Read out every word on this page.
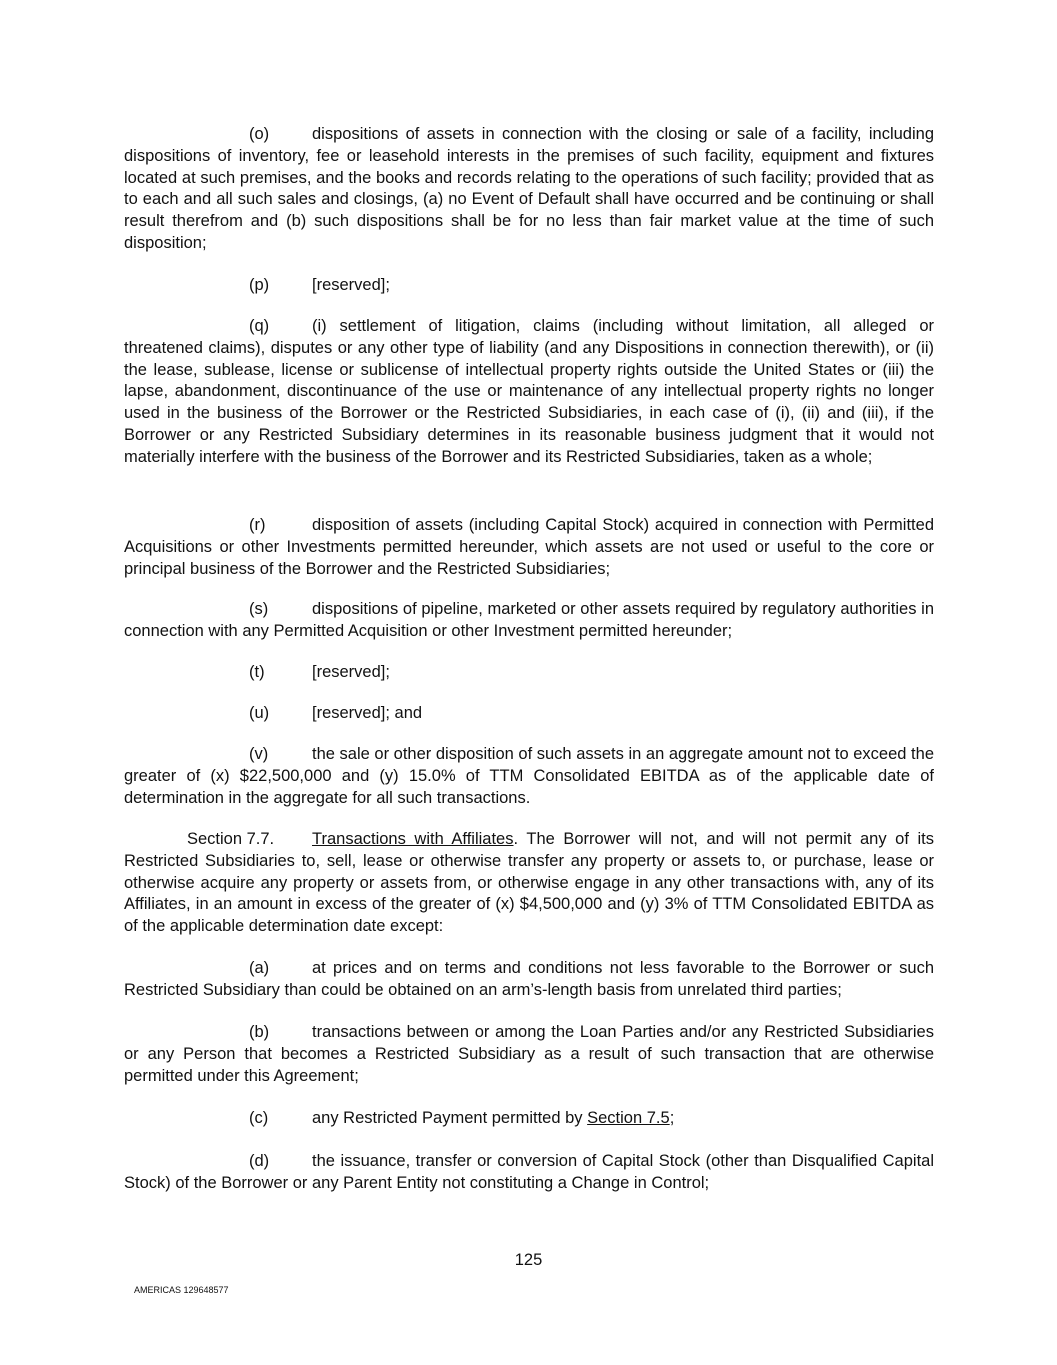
(o)	dispositions of assets in connection with the closing or sale of a facility, including dispositions of inventory, fee or leasehold interests in the premises of such facility, equipment and fixtures located at such premises, and the books and records relating to the operations of such facility; provided that as to each and all such sales and closings, (a) no Event of Default shall have occurred and be continuing or shall result therefrom and (b) such dispositions shall be for no less than fair market value at the time of such disposition;

(p)	[reserved];

(q)	(i) settlement of litigation, claims (including without limitation, all alleged or threatened claims), disputes or any other type of liability (and any Dispositions in connection therewith), or (ii) the lease, sublease, license or sublicense of intellectual property rights outside the United States or (iii) the lapse, abandonment, discontinuance of the use or maintenance of any intellectual property rights no longer used in the business of the Borrower or the Restricted Subsidiaries, in each case of (i), (ii) and (iii), if the Borrower or any Restricted Subsidiary determines in its reasonable business judgment that it would not materially interfere with the business of the Borrower and its Restricted Subsidiaries, taken as a whole;

(r)	disposition of assets (including Capital Stock) acquired in connection with Permitted Acquisitions or other Investments permitted hereunder, which assets are not used or useful to the core or principal business of the Borrower and the Restricted Subsidiaries;

(s)	dispositions of pipeline, marketed or other assets required by regulatory authorities in connection with any Permitted Acquisition or other Investment permitted hereunder;

(t)	[reserved];

(u)	[reserved]; and

(v)	the sale or other disposition of such assets in an aggregate amount not to exceed the greater of (x) $22,500,000 and (y) 15.0% of TTM Consolidated EBITDA as of the applicable date of determination in the aggregate for all such transactions.

Section 7.7. Transactions with Affiliates. The Borrower will not, and will not permit any of its Restricted Subsidiaries to, sell, lease or otherwise transfer any property or assets to, or purchase, lease or otherwise acquire any property or assets from, or otherwise engage in any other transactions with, any of its Affiliates, in an amount in excess of the greater of (x) $4,500,000 and (y) 3% of TTM Consolidated EBITDA as of the applicable determination date except:

(a)	at prices and on terms and conditions not less favorable to the Borrower or such Restricted Subsidiary than could be obtained on an arm’s-length basis from unrelated third parties;

(b)	transactions between or among the Loan Parties and/or any Restricted Subsidiaries or any Person that becomes a Restricted Subsidiary as a result of such transaction that are otherwise permitted under this Agreement;

(c)	any Restricted Payment permitted by Section 7.5;

(d)	the issuance, transfer or conversion of Capital Stock (other than Disqualified Capital Stock) of the Borrower or any Parent Entity not constituting a Change in Control;

125

AMERICAS 129648577
